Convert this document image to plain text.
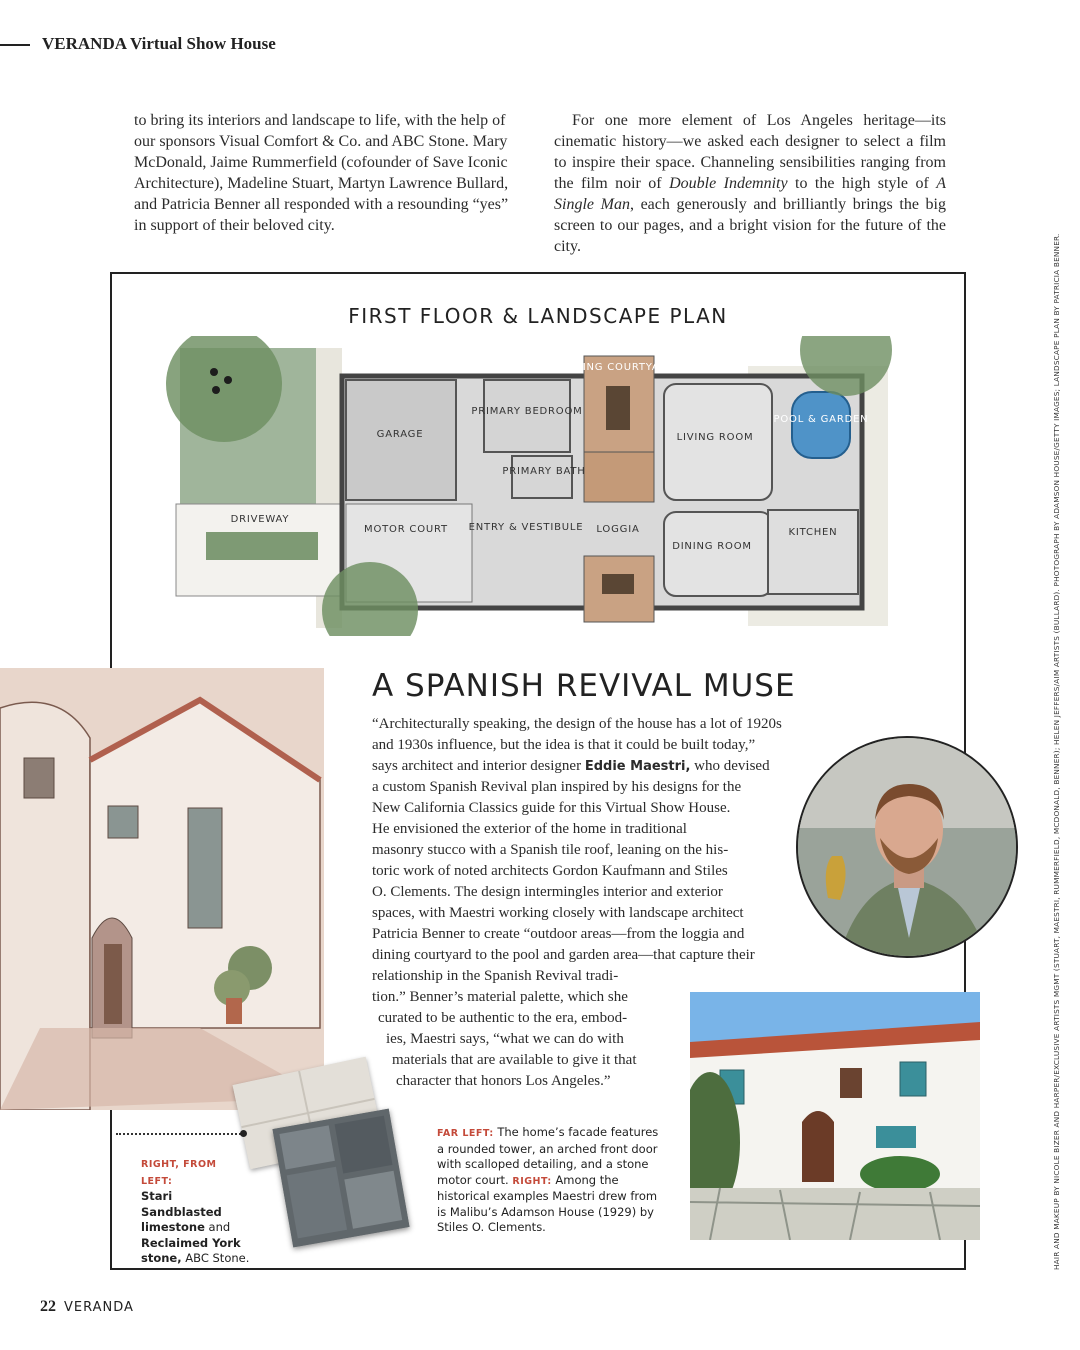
VERANDA Virtual Show House

to bring its interiors and landscape to life, with the help of

our sponsors Visual Comfort & Co. and ABC Stone. Mary

McDonald, Jaime Rummerfield (cofounder of Save Iconic

Architecture), Madeline Stuart, Martyn Lawrence Bullard,

and Patricia Benner all responded with a resounding “yes”

in support of their beloved city.

For one more element of Los Angeles heritage—its cinematic history—we asked each designer to select a film to inspire their space. Channeling sensibilities ranging from the film noir of Double Indemnity to the high style of A Single Man, each generously and brilliantly brings the big screen to our pages, and a bright vision for the future of the city.

FIRST FLOOR & LANDSCAPE PLAN
DINING COURTYARD
PRIMARY BEDROOM
GARAGE	LIVING ROOM
POOL & GARDEN
PRIMARY BATH
DRIVEWAY
MOTOR COURT ENTRY & VESTIBULE LOGGIA	KITCHEN
DINING ROOM
A SPANISH REVIVAL MUSE
“Architecturally speaking, the design of the house has a lot of 1920s
and 1930s influence, but the idea is that it could be built today,”
says architect and interior designer Eddie Maestri, who devised
a custom Spanish Revival plan inspired by his designs for the
New California Classics guide for this Virtual Show House.
He envisioned the exterior of the home in traditional
masonry stucco with a Spanish tile roof, leaning on the his-
toric work of noted architects Gordon Kaufmann and Stiles
O. Clements. The design intermingles interior and exterior
spaces, with Maestri working closely with landscape architect
Patricia Benner to create “outdoor areas—from the loggia and
dining courtyard to the pool and garden area—that capture their
relationship in the Spanish Revival tradi-
tion.” Benner’s material palette, which she
curated to be authentic to the era, embod-
ies, Maestri says, “what we can do with
materials that are available to give it that
character that honors Los Angeles.”
RIGHT, FROM LEFT:
Stari Sandblasted limestone and Reclaimed York stone, ABC Stone.
FAR LEFT: The home’s facade features a rounded tower, an arched front door with scalloped detailing, and a stone motor court. RIGHT: Among the historical examples Maestri drew from is Malibu’s Adamson House (1929) by Stiles O. Clements.	HAIR AND MAKEUP BY NICOLE BIZER AND HARPER/EXCLUSIVE ARTISTS MGMT (STUART, MAESTRI, RUMMERFIELD, MCDONALD, BENNER); HELEN JEFFERS/AIM ARTISTS (BULLARD). PHOTOGRAPH BY ADAMSON HOUSE/GETTY IMAGES; LANDSCAPE PLAN BY PATRICIA BENNER.
22 VERANDA
